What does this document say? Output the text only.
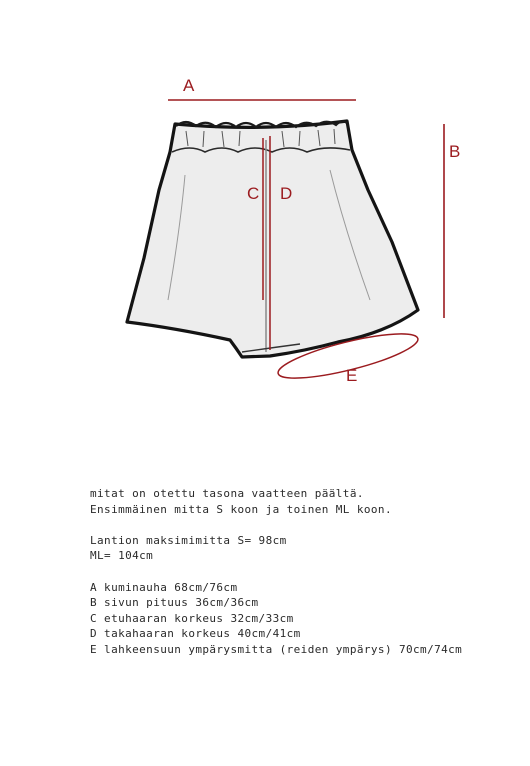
A
B
C D
E

mitat on otettu tasona vaatteen päältä.

Ensimmäinen mitta S koon ja toinen ML koon.

Lantion maksimimitta S= 98cm

ML= 104cm

A kuminauha 68cm/76cm

B sivun pituus 36cm/36cm

C etuhaaran korkeus 32cm/33cm

D takahaaran korkeus 40cm/41cm

E lahkeensuun ympärysmitta (reiden ympärys) 70cm/74cm
